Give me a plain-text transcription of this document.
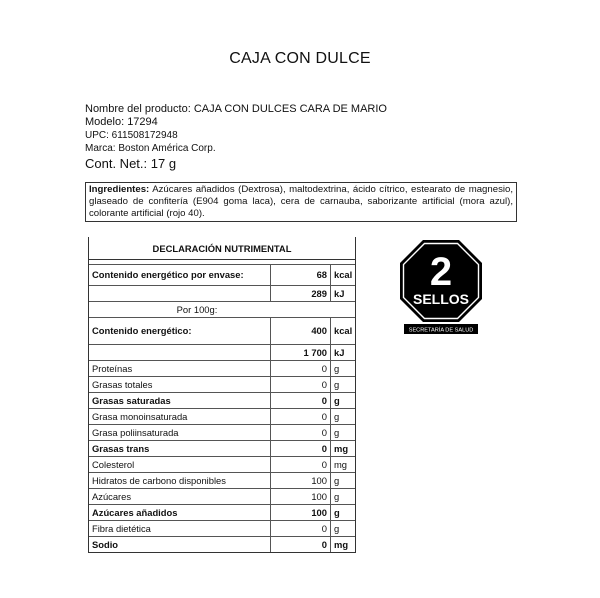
CAJA CON DULCE
Nombre del producto: CAJA CON DULCES CARA DE MARIO
Modelo: 17294
UPC: 611508172948
Marca: Boston América Corp.
Cont. Net.: 17 g
Ingredientes: Azúcares añadidos (Dextrosa), maltodextrina, ácido cítrico, estearato de magnesio, glaseado de confitería (E904 goma laca), cera de carnauba, saborizante artificial (mora azul), colorante artificial (rojo 40).
DECLARACIÓN NUTRIMENTAL
Contenido energético por envase:	68 kcal
289 kJ
Por 100g:
Contenido energético:	400 kcal
1 700 kJ
Proteínas	0 g
Grasas totales	0 g
Grasas saturadas	0 g
Grasa monoinsaturada	0 g
Grasa poliinsaturada	0 g
Grasas trans	0 mg
Colesterol	0 mg
Hidratos de carbono disponibles	100 g
Azúcares	100 g
Azúcares añadidos	100 g
Fibra dietética	0 g
Sodio	0 mg
2
SELLOS
SECRETARÍA DE SALUD
